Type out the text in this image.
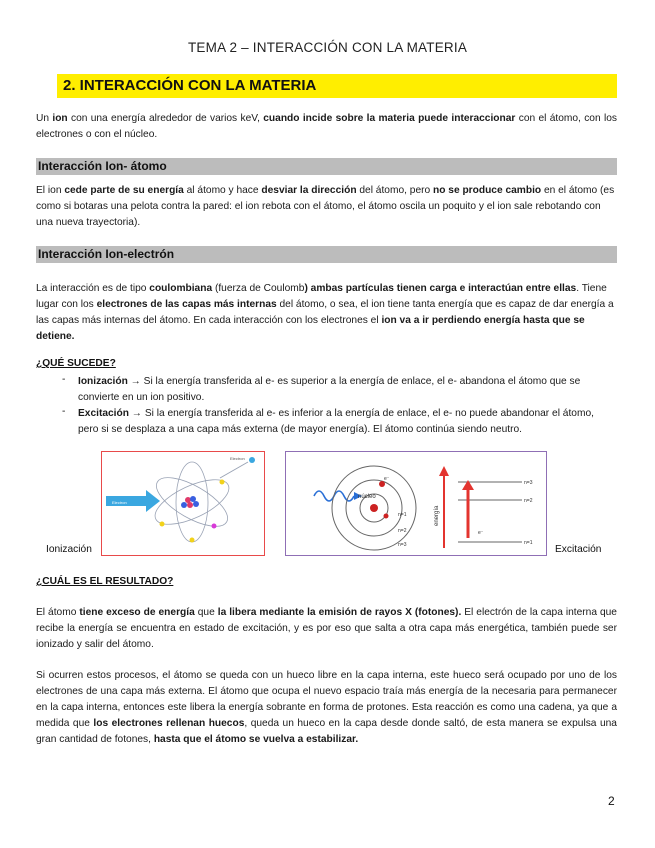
TEMA 2 – INTERACCIÓN CON LA MATERIA
2. INTERACCIÓN CON LA MATERIA
Un ion con una energía alrededor de varios keV, cuando incide sobre la materia puede interaccionar con el átomo, con los electrones o con el núcleo.
Interacción Ion- átomo
El ion cede parte de su energía al átomo y hace desviar la dirección del átomo, pero no se produce cambio en el átomo (es como si botaras una pelota contra la pared: el ion rebota con el átomo, el átomo oscila un poquito y el ion sale rebotando con una nueva trayectoria).
Interacción Ion-electrón
La interacción es de tipo coulombiana (fuerza de Coulomb) ambas partículas tienen carga e interactúan entre ellas. Tiene lugar con los electrones de las capas más internas del átomo, o sea, el ion tiene tanta energía que es capaz de dar energía a las capas más internas del átomo. En cada interacción con los electrones el ion va a ir perdiendo energía hasta que se detiene.
¿QUÉ SUCEDE?
- Ionización → Si la energía transferida al e- es superior a la energía de enlace, el e- abandona el átomo que se convierte en un ion positivo.
- Excitación → Si la energía transferida al e- es inferior a la energía de enlace, el e- no puede abandonar el átomo, pero si se desplaza a una capa más externa (de mayor energía). El átomo continúa siendo neutro.
Electron
Electron
Ionización
núcleo
e⁻
n=1
n=2
n=3
energía
n=3
n=2
n=1
e⁻
Excitación
¿CUÁL ES EL RESULTADO?
El átomo tiene exceso de energía que la libera mediante la emisión de rayos X (fotones). El electrón de la capa interna que recibe la energía se encuentra en estado de excitación, y es por eso que salta a otra capa más energética, también puede ser ionizado y salir del átomo.
Si ocurren estos procesos, el átomo se queda con un hueco libre en la capa interna, este hueco será ocupado por uno de los electrones de una capa más externa. El átomo que ocupa el nuevo espacio traía más energía de la necesaria para permanecer en la capa interna, entonces este libera la energía sobrante en forma de protones. Esta reacción es como una cadena, ya que a medida que los electrones rellenan huecos, queda un hueco en la capa desde donde saltó, de esta manera se expulsa una gran cantidad de fotones, hasta que el átomo se vuelva a estabilizar.
2
